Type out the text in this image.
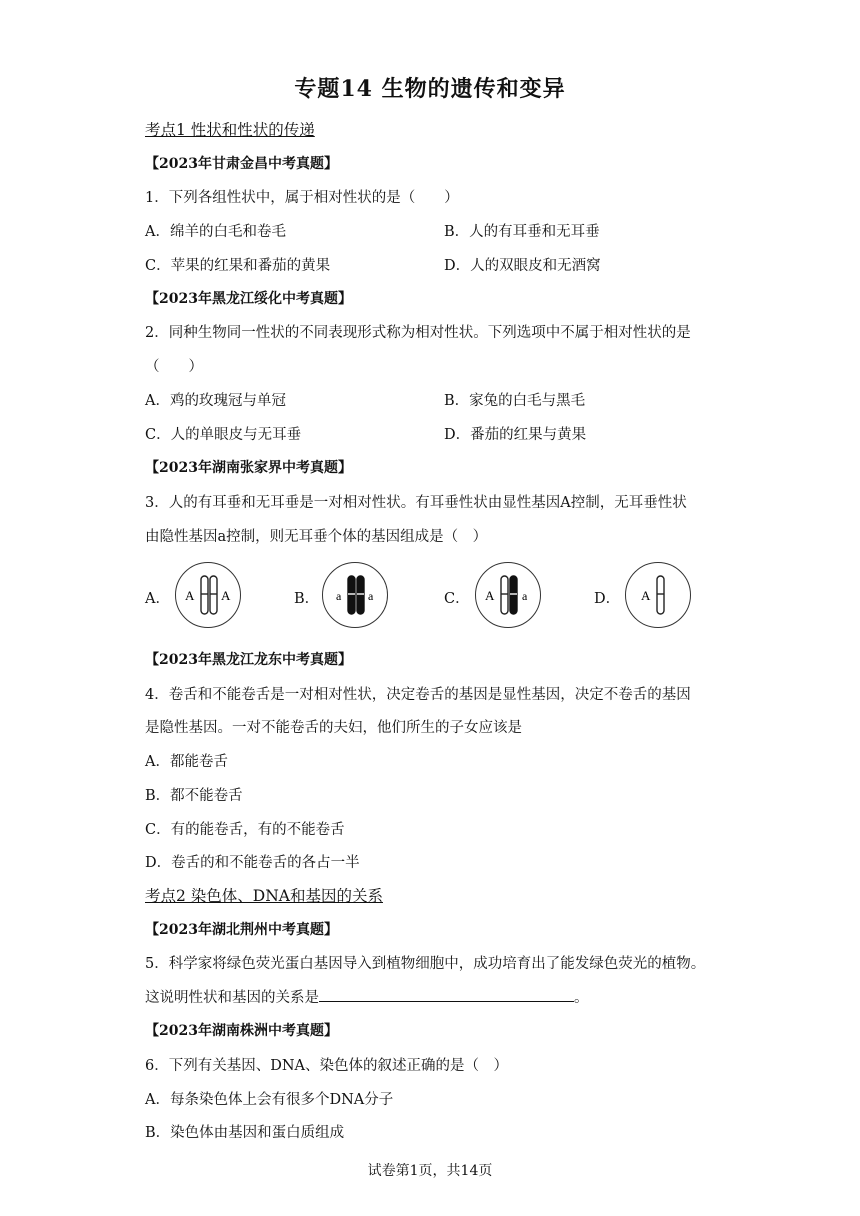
专题14 生物的遗传和变异
考点1 性状和性状的传递
【2023年甘肃金昌中考真题】
1．下列各组性状中，属于相对性状的是（　　）
A．绵羊的白毛和卷毛	B．人的有耳垂和无耳垂
C．苹果的红果和番茄的黄果	D．人的双眼皮和无酒窝
【2023年黑龙江绥化中考真题】
2．同种生物同一性状的不同表现形式称为相对性状。下列选项中不属于相对性状的是
（　　）
A．鸡的玫瑰冠与单冠	B．家兔的白毛与黑毛
C．人的单眼皮与无耳垂	D．番茄的红果与黄果
【2023年湖南张家界中考真题】
3．人的有耳垂和无耳垂是一对相对性状。有耳垂性状由显性基因A控制，无耳垂性状
由隐性基因a控制，则无耳垂个体的基因组成是（　）
A． A A	B． a a	C． A a	D． A
【2023年黑龙江龙东中考真题】
4．卷舌和不能卷舌是一对相对性状，决定卷舌的基因是显性基因，决定不卷舌的基因
是隐性基因。一对不能卷舌的夫妇，他们所生的子女应该是
A．都能卷舌
B．都不能卷舌
C．有的能卷舌，有的不能卷舌
D．卷舌的和不能卷舌的各占一半
考点2 染色体、DNA和基因的关系
【2023年湖北荆州中考真题】
5．科学家将绿色荧光蛋白基因导入到植物细胞中，成功培育出了能发绿色荧光的植物。
这说明性状和基因的关系是	。
【2023年湖南株洲中考真题】
6．下列有关基因、DNA、染色体的叙述正确的是（　）
A．每条染色体上会有很多个DNA分子
B．染色体由基因和蛋白质组成
试卷第1页，共14页
